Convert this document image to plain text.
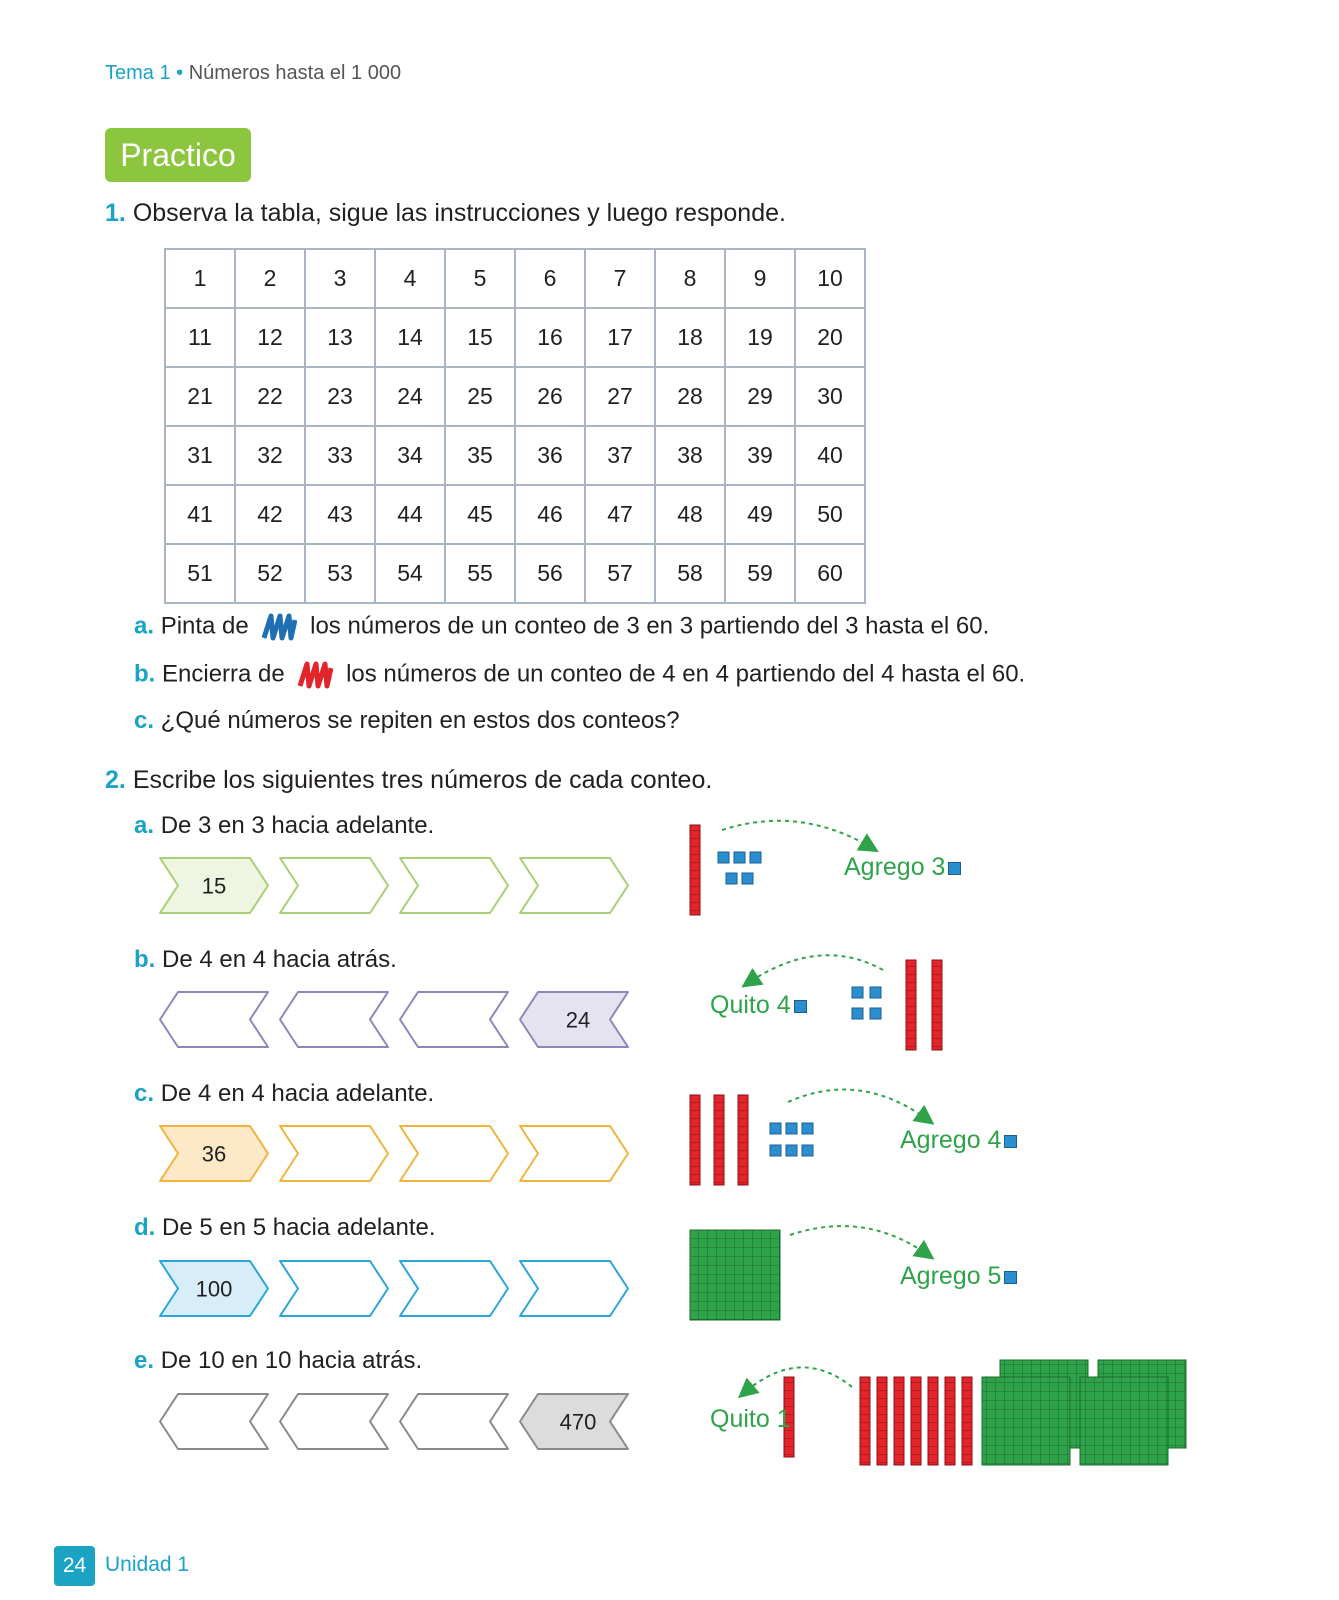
Tema 1 • Números hasta el 1 000
Practico
1. Observa la tabla, sigue las instrucciones y luego responde.
1	2	3	4	5	6	7	8	9	10
11	12	13	14	15	16	17	18	19	20
21	22	23	24	25	26	27	28	29	30
31	32	33	34	35	36	37	38	39	40
41	42	43	44	45	46	47	48	49	50
51	52	53	54	55	56	57	58	59	60
a. Pinta de	los números de un conteo de 3 en 3 partiendo del 3 hasta el 60.
b. Encierra de	los números de un conteo de 4 en 4 partiendo del 4 hasta el 60.
c. ¿Qué números se repiten en estos dos conteos?
2. Escribe los siguientes tres números de cada conteo.
a. De 3 en 3 hacia adelante.
15
b. De 4 en 4 hacia atrás.
24
c. De 4 en 4 hacia adelante.
36
d. De 5 en 5 hacia adelante.
100
e. De 10 en 10 hacia atrás.
470
Agrego 3
Quito 4
Agrego 4
Agrego 5
Quito 1
24 Unidad 1
